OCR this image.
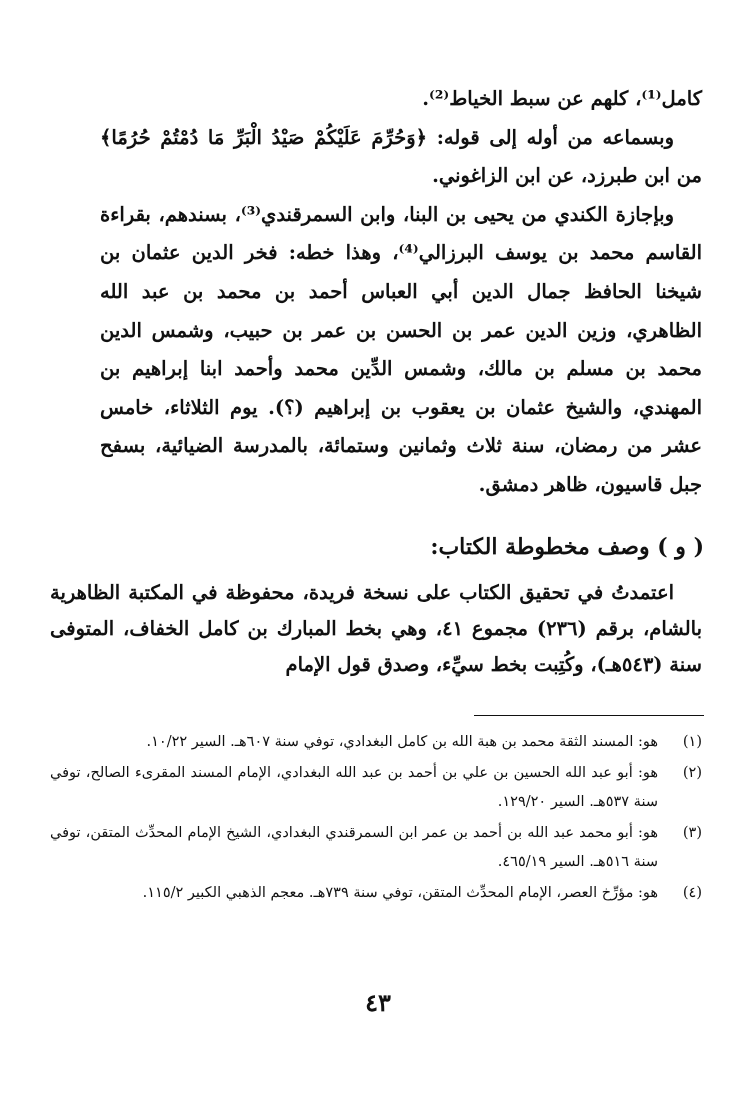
كامل⁽¹⁾، كلهم عن سبط الخياط⁽²⁾.

وبسماعه من أوله إلى قوله: ﴿وَحُرِّمَ عَلَيْكُمْ صَيْدُ الْبَرِّ مَا دُمْتُمْ حُرُمًا﴾ من ابن طبرزد، عن ابن الزاغوني.

وبإجازة الكندي من يحيى بن البنا، وابن السمرقندي⁽³⁾، بسندهم، بقراءة القاسم محمد بن يوسف البرزالي⁽⁴⁾، وهذا خطه: فخر الدين عثمان بن شيخنا الحافظ جمال الدين أبي العباس أحمد بن محمد بن عبد الله الظاهري، وزين الدين عمر بن الحسن بن عمر بن حبيب، وشمس الدين محمد بن مسلم بن مالك، وشمس الدِّين محمد وأحمد ابنا إبراهيم بن المهندي، والشيخ عثمان بن يعقوب بن إبراهيم (؟). يوم الثلاثاء، خامس عشر من رمضان، سنة ثلاث وثمانين وستمائة، بالمدرسة الضيائية، بسفح جبل قاسيون، ظاهر دمشق.

( و ) وصف مخطوطة الكتاب:

اعتمدتُ في تحقيق الكتاب على نسخة فريدة، محفوظة في المكتبة الظاهرية بالشام، برقم (٢٣٦) مجموع ٤١، وهي بخط المبارك بن كامل الخفاف، المتوفى سنة (٥٤٣هـ)، وكُتِبت بخط سيِّء، وصدق قول الإمام

(١)
هو: المسند الثقة محمد بن هبة الله بن كامل البغدادي، توفي سنة ٦٠٧هـ. السير ١٠/٢٢.
(٢)
هو: أبو عبد الله الحسين بن علي بن أحمد بن عبد الله البغدادي، الإمام المسند المقرىء الصالح، توفي سنة ٥٣٧هـ. السير ١٢٩/٢٠.
(٣)
هو: أبو محمد عبد الله بن أحمد بن عمر ابن السمرقندي البغدادي، الشيخ الإمام المحدِّث المتقن، توفي سنة ٥١٦هـ. السير ٤٦٥/١٩.
(٤)
هو: مؤرِّخ العصر، الإمام المحدِّث المتقن، توفي سنة ٧٣٩هـ. معجم الذهبي الكبير ١١٥/٢.
٤٣
